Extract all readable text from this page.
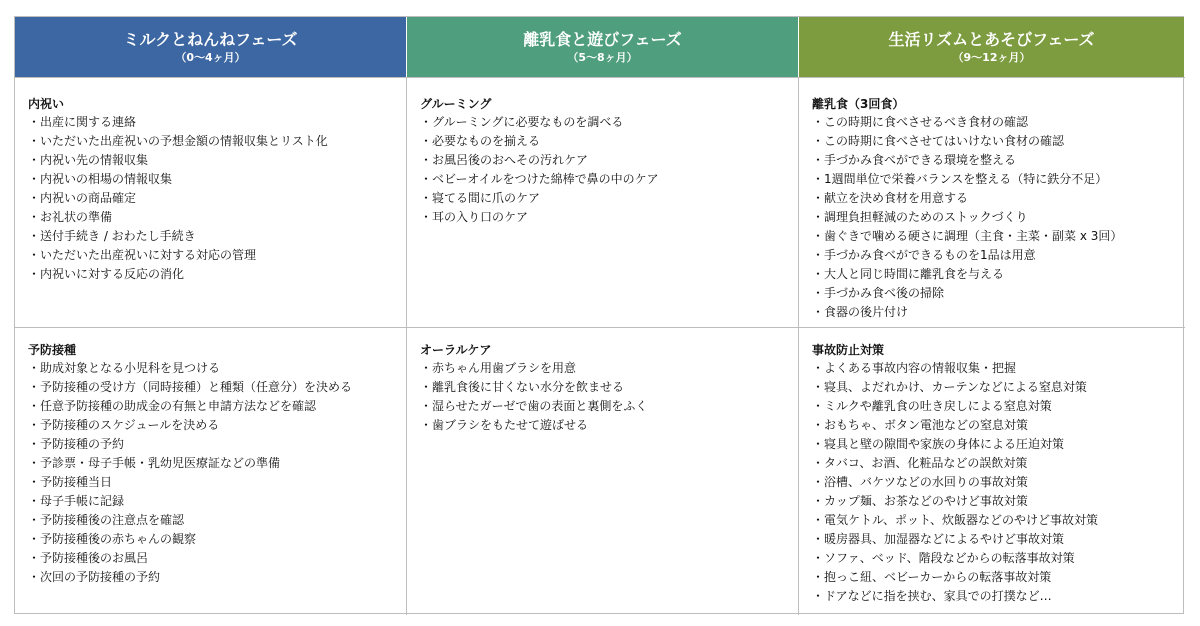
ミルクとねんねフェーズ
（0〜4ヶ月）
離乳食と遊びフェーズ
（5〜8ヶ月）
生活リズムとあそびフェーズ
（9〜12ヶ月）
内祝い
・出産に関する連絡
・いただいた出産祝いの予想金額の情報収集とリスト化
・内祝い先の情報収集
・内祝いの相場の情報収集
・内祝いの商品確定
・お礼状の準備
・送付手続き / おわたし手続き
・いただいた出産祝いに対する対応の管理
・内祝いに対する反応の消化
グルーミング
・グルーミングに必要なものを調べる
・必要なものを揃える
・お風呂後のおへその汚れケア
・ベビーオイルをつけた綿棒で鼻の中のケア
・寝てる間に爪のケア
・耳の入り口のケア
離乳食（3回食）
・この時期に食べさせるべき食材の確認
・この時期に食べさせてはいけない食材の確認
・手づかみ食べができる環境を整える
・1週間単位で栄養バランスを整える（特に鉄分不足）
・献立を決め食材を用意する
・調理負担軽減のためのストックづくり
・歯ぐきで噛める硬さに調理（主食・主菜・副菜 x 3回）
・手づかみ食べができるものを1品は用意
・大人と同じ時間に離乳食を与える
・手づかみ食べ後の掃除
・食器の後片付け
予防接種
・助成対象となる小児科を見つける
・予防接種の受け方（同時接種）と種類（任意分）を決める
・任意予防接種の助成金の有無と申請方法などを確認
・予防接種のスケジュールを決める
・予防接種の予約
・予診票・母子手帳・乳幼児医療証などの準備
・予防接種当日
・母子手帳に記録
・予防接種後の注意点を確認
・予防接種後の赤ちゃんの観察
・予防接種後のお風呂
・次回の予防接種の予約
オーラルケア
・赤ちゃん用歯ブラシを用意
・離乳食後に甘くない水分を飲ませる
・湿らせたガーゼで歯の表面と裏側をふく
・歯ブラシをもたせて遊ばせる
事故防止対策
・よくある事故内容の情報収集・把握
・寝具、よだれかけ、カーテンなどによる窒息対策
・ミルクや離乳食の吐き戻しによる窒息対策
・おもちゃ、ボタン電池などの窒息対策
・寝具と壁の隙間や家族の身体による圧迫対策
・タバコ、お酒、化粧品などの誤飲対策
・浴槽、バケツなどの水回りの事故対策
・カップ麺、お茶などのやけど事故対策
・電気ケトル、ポット、炊飯器などのやけど事故対策
・暖房器具、加湿器などによるやけど事故対策
・ソファ、ベッド、階段などからの転落事故対策
・抱っこ紐、ベビーカーからの転落事故対策
・ドアなどに指を挟む、家具での打撲など…
